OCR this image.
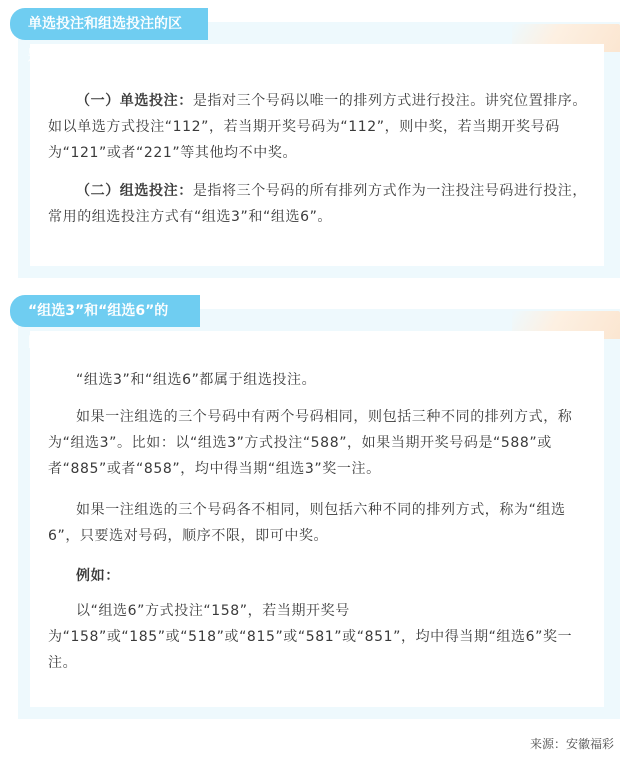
单选投注和组选投注的区别

（一）单选投注：是指对三个号码以唯一的排列方式进行投注。讲究位置排序。如以单选方式投注“112”，若当期开奖号码为“112”，则中奖，若当期开奖号码为“121”或者“221”等其他均不中奖。

（二）组选投注：是指将三个号码的所有排列方式作为一注投注号码进行投注，常用的组选投注方式有“组选3”和“组选6”。

“组选3”和“组选6”的区别

“组选3”和“组选6”都属于组选投注。

如果一注组选的三个号码中有两个号码相同，则包括三种不同的排列方式，称为“组选3”。比如：以“组选3”方式投注“588”，如果当期开奖号码是“588”或者“885”或者“858”，均中得当期“组选3”奖一注。

如果一注组选的三个号码各不相同，则包括六种不同的排列方式，称为“组选6”，只要选对号码，顺序不限，即可中奖。

例如：

以“组选6”方式投注“158”，若当期开奖号为“158”或“185”或“518”或“815”或“581”或“851”，均中得当期“组选6”奖一注。

来源：安徽福彩
